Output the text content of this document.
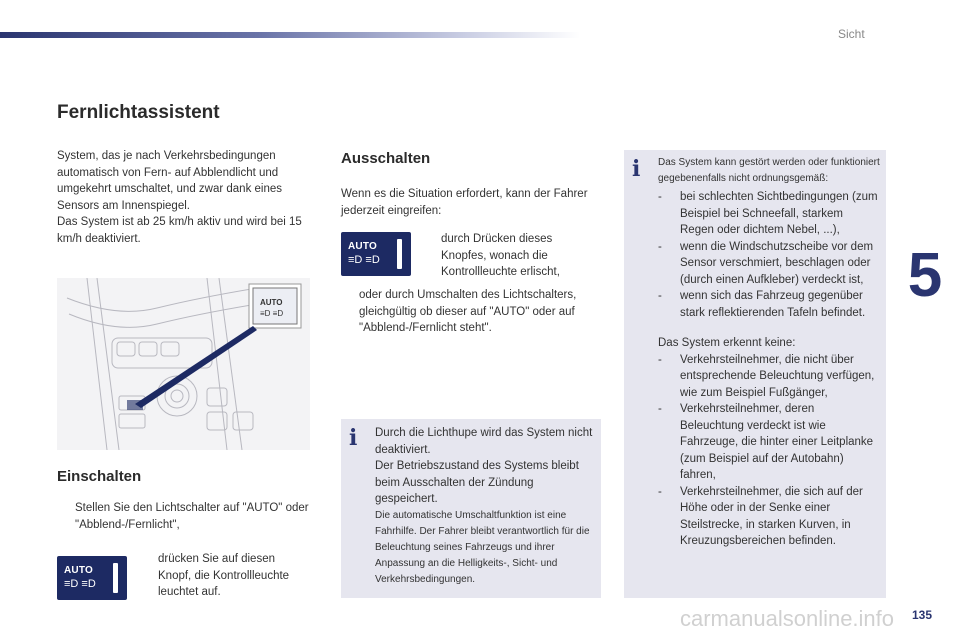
Sicht
5
Fernlichtassistent

System, das je nach Verkehrsbedingungen automatisch von Fern- auf Abblendlicht und umgekehrt umschaltet, und zwar dank eines Sensors am Innenspiegel.

Das System ist ab 25 km/h aktiv und wird bei 15 km/h deaktiviert.

AUTO
≡D ≡D
Einschalten
Stellen Sie den Lichtschalter auf "AUTO" oder "Abblend-/Fernlicht",
AUTO
≡D ≡D
drücken Sie auf diesen Knopf, die Kontrollleuchte leuchtet auf.
Ausschalten
Wenn es die Situation erfordert, kann der Fahrer jederzeit eingreifen:
AUTO
≡D ≡D
durch Drücken dieses Knopfes, wonach die Kontrollleuchte erlischt,
oder durch Umschalten des Lichtschalters, gleichgültig ob dieser auf "AUTO" oder auf "Abblend-/Fernlicht steht".
i Durch die Lichthupe wird das System nicht deaktiviert.
Der Betriebszustand des Systems bleibt beim Ausschalten der Zündung gespeichert.
Die automatische Umschaltfunktion ist eine Fahrhilfe. Der Fahrer bleibt verantwortlich für die Beleuchtung seines Fahrzeugs und ihrer Anpassung an die Helligkeits-, Sicht- und Verkehrsbedingungen.
i Das System kann gestört werden oder funktioniert gegebenenfalls nicht ordnungsgemäß:
-	bei schlechten Sichtbedingungen (zum Beispiel bei Schneefall, starkem Regen oder dichtem Nebel, ...),
-	wenn die Windschutzscheibe vor dem Sensor verschmiert, beschlagen oder (durch einen Aufkleber) verdeckt ist,
-	wenn sich das Fahrzeug gegenüber stark reflektierenden Tafeln befindet.
Das System erkennt keine:
-	Verkehrsteilnehmer, die nicht über entsprechende Beleuchtung verfügen, wie zum Beispiel Fußgänger,
-	Verkehrsteilnehmer, deren Beleuchtung verdeckt ist wie Fahrzeuge, die hinter einer Leitplanke (zum Beispiel auf der Autobahn) fahren,
-	Verkehrsteilnehmer, die sich auf der Höhe oder in der Senke einer Steilstrecke, in starken Kurven, in Kreuzungsbereichen befinden.
carmanualsonline.info 135
